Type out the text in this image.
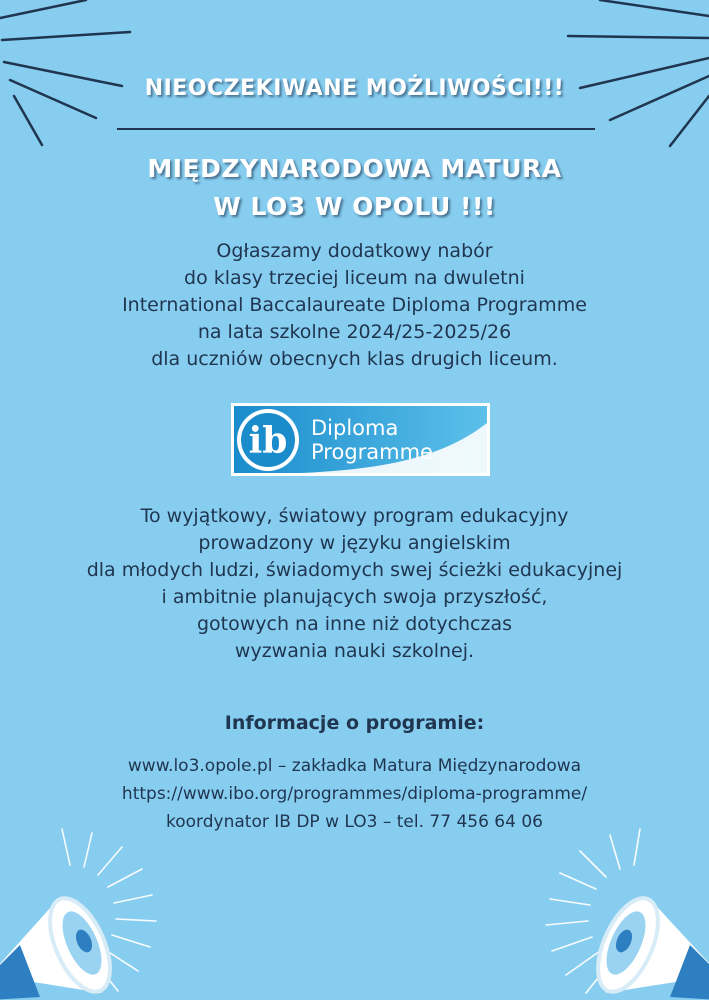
NIEOCZEKIWANE MOŻLIWOŚCI!!!
MIĘDZYNARODOWA MATURA
W LO3 W OPOLU !!!
Ogłaszamy dodatkowy nabór
do klasy trzeciej liceum na dwuletni
International Baccalaureate Diploma Programme
na lata szkolne 2024/25-2025/26
dla uczniów obecnych klas drugich liceum.
ib Diploma
Programme
To wyjątkowy, światowy program edukacyjny
prowadzony w języku angielskim
dla młodych ludzi, świadomych swej ścieżki edukacyjnej
i ambitnie planujących swoja przyszłość,
gotowych na inne niż dotychczas
wyzwania nauki szkolnej.
Informacje o programie:
www.lo3.opole.pl – zakładka Matura Międzynarodowa
https://www.ibo.org/programmes/diploma-programme/
koordynator IB DP w LO3 – tel. 77 456 64 06
